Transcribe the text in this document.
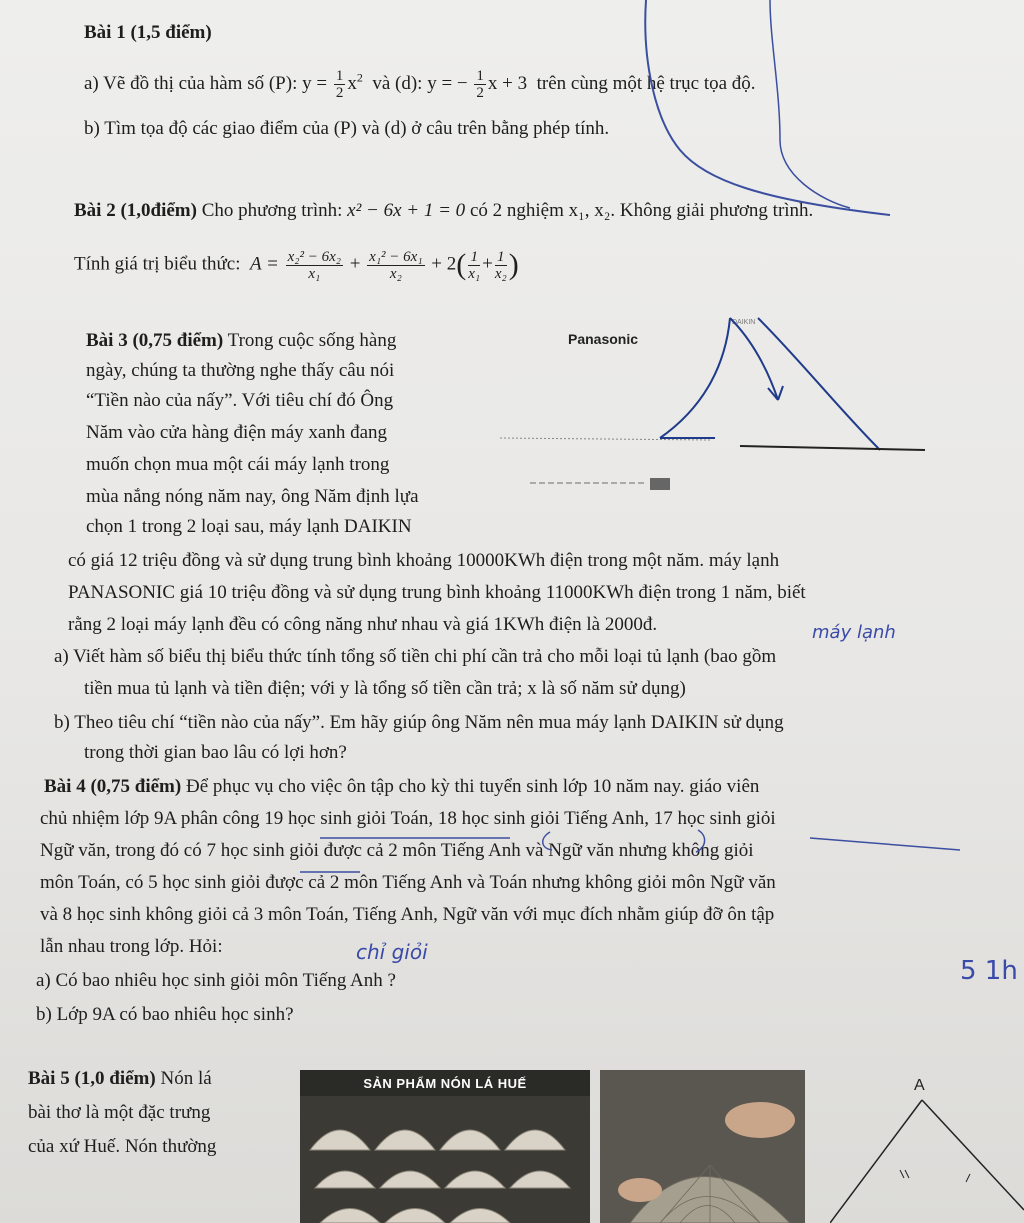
Bài 1 (1,5 điểm)
a) Vẽ đồ thị của hàm số (P): $y = \frac{1}{2} x^2$ và (d): y = − $\frac{1}{2}$ x + 3 trên cùng một hệ trục tọa độ.
b) Tìm tọa độ các giao điểm của (P) và (d) ở câu trên bằng phép tính.
Bài 2 (1,0điểm) Cho phương trình: x² − 6x + 1 = 0 có 2 nghiệm x₁, x₂. Không giải phương trình.
Tính giá trị biểu thức: $A = \frac{\text{x₂² − 6x₂}}{\text{x₁}} + \frac{\text{x₁² − 6x₁}}{\text{x₂}} + 2( \frac{1}{\text{x₁}} + \frac{1}{\text{x₂}}$ )
Bài 3 (0,75 điểm) Trong cuộc sống hàng
ngày, chúng ta thường nghe thấy câu nói
“Tiền nào của nấy”. Với tiêu chí đó Ông
Năm vào cửa hàng điện máy xanh đang
muốn chọn mua một cái máy lạnh trong
mùa nắng nóng năm nay, ông Năm định lựa
chọn 1 trong 2 loại sau, máy lạnh DAIKIN
có giá 12 triệu đồng và sử dụng trung bình khoảng 10000KWh điện trong một năm. máy lạnh
PANASONIC giá 10 triệu đồng và sử dụng trung bình khoảng 11000KWh điện trong 1 năm, biết
rằng 2 loại máy lạnh đều có công năng như nhau và giá 1KWh điện là 2000đ.
a) Viết hàm số biểu thị biểu thức tính tổng số tiền chi phí cần trả cho mỗi loại tủ lạnh (bao gồm
tiền mua tủ lạnh và tiền điện; với y là tổng số tiền cần trả; x là số năm sử dụng)
b) Theo tiêu chí “tiền nào của nấy”. Em hãy giúp ông Năm nên mua máy lạnh DAIKIN sử dụng
trong thời gian bao lâu có lợi hơn?
máy lạnh
Panasonic
DAIKIN
Bài 4 (0,75 điểm) Để phục vụ cho việc ôn tập cho kỳ thi tuyển sinh lớp 10 năm nay. giáo viên
chủ nhiệm lớp 9A phân công 19 học sinh giỏi Toán, 18 học sinh giỏi Tiếng Anh, 17 học sinh giỏi
Ngữ văn, trong đó có 7 học sinh giỏi được cả 2 môn Tiếng Anh và Ngữ văn nhưng không giỏi
môn Toán, có 5 học sinh giỏi được cả 2 môn Tiếng Anh và Toán nhưng không giỏi môn Ngữ văn
và 8 học sinh không giỏi cả 3 môn Toán, Tiếng Anh, Ngữ văn với mục đích nhằm giúp đỡ ôn tập
lẫn nhau trong lớp. Hỏi:
a) Có bao nhiêu học sinh giỏi môn Tiếng Anh ?
b) Lớp 9A có bao nhiêu học sinh?
chỉ giỏi
5 1h
Bài 5 (1,0 điểm) Nón lá
bài thơ là một đặc trưng
của xứ Huế. Nón thường
SẢN PHẨM NÓN LÁ HUẾ	A
